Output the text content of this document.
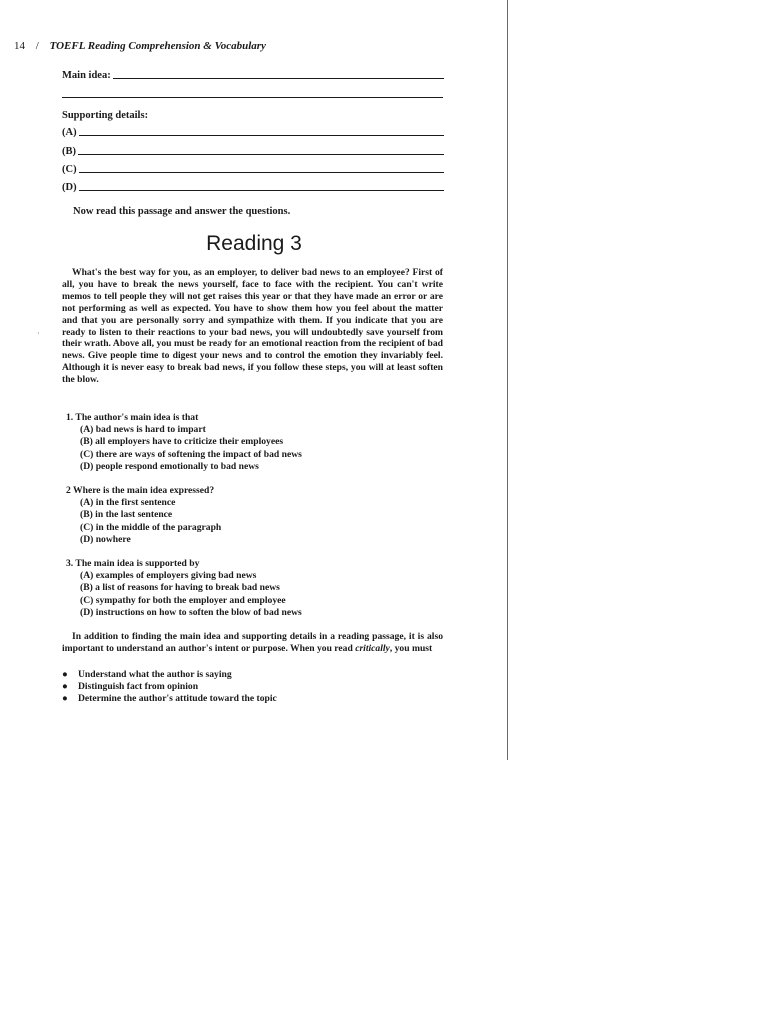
·
14 / TOEFL Reading Comprehension & Vocabulary
Main idea:
Supporting details:
(A)
(B)
(C)
(D)
Now read this passage and answer the questions.
Reading 3

What's the best way for you, as an employer, to deliver bad news to an employee? First of all, you have to break the news yourself, face to face with the recipient. You can't write memos to tell people they will not get raises this year or that they have made an error or are not performing as well as expected. You have to show them how you feel about the matter and that you are personally sorry and sympathize with them. If you indicate that you are ready to listen to their reactions to your bad news, you will undoubtedly save yourself from their wrath. Above all, you must be ready for an emotional reaction from the recipient of bad news. Give people time to digest your news and to control the emotion they invariably feel. Although it is never easy to break bad news, if you follow these steps, you will at least soften the blow.

1. The author's main idea is that
(A) bad news is hard to impart
(B) all employers have to criticize their employees
(C) there are ways of softening the impact of bad news
(D) people respond emotionally to bad news
2 Where is the main idea expressed?
(A) in the first sentence
(B) in the last sentence
(C) in the middle of the paragraph
(D) nowhere
3. The main idea is supported by
(A) examples of employers giving bad news
(B) a list of reasons for having to break bad news
(C) sympathy for both the employer and employee
(D) instructions on how to soften the blow of bad news

In addition to finding the main idea and supporting details in a reading passage, it is also important to understand an author's intent or purpose. When you read critically, you must

● Understand what the author is saying
● Distinguish fact from opinion
● Determine the author's attitude toward the topic
